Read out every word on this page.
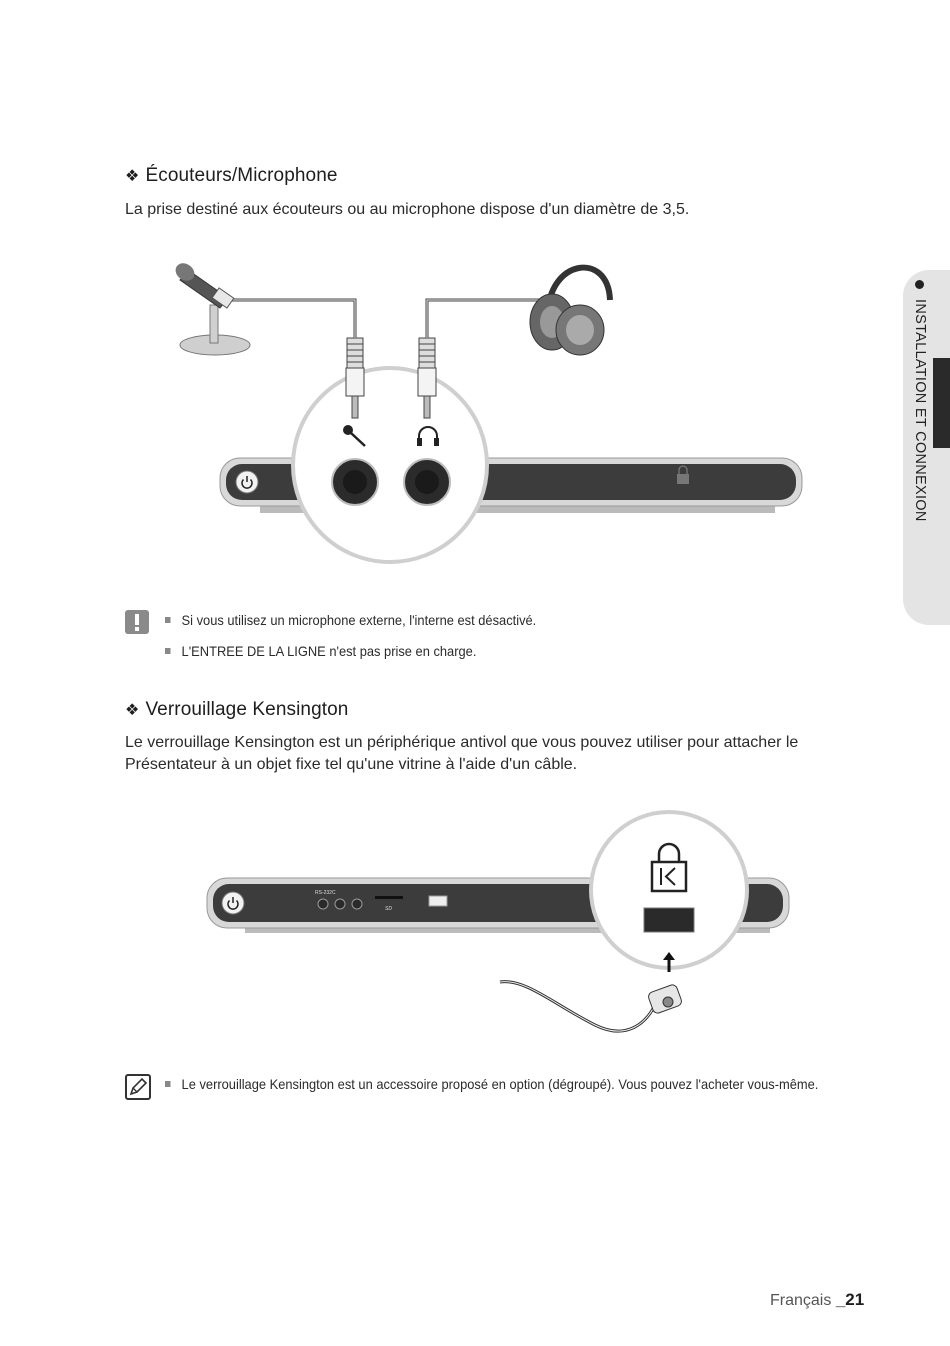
INSTALLATION ET CONNEXION
❖ Écouteurs/Microphone
La prise destiné aux écouteurs ou au microphone dispose d'un diamètre de 3,5.
Si vous utilisez un microphone externe, l'interne est désactivé.
L'ENTREE DE LA LIGNE n'est pas prise en charge.
❖ Verrouillage Kensington
Le verrouillage Kensington est un périphérique antivol que vous pouvez utiliser pour attacher le
Présentateur à un objet fixe tel qu'une vitrine à l'aide d'un câble.
RS-232C
SD
Le verrouillage Kensington est un accessoire proposé en option (dégroupé). Vous pouvez l'acheter vous-même.
Français _21
